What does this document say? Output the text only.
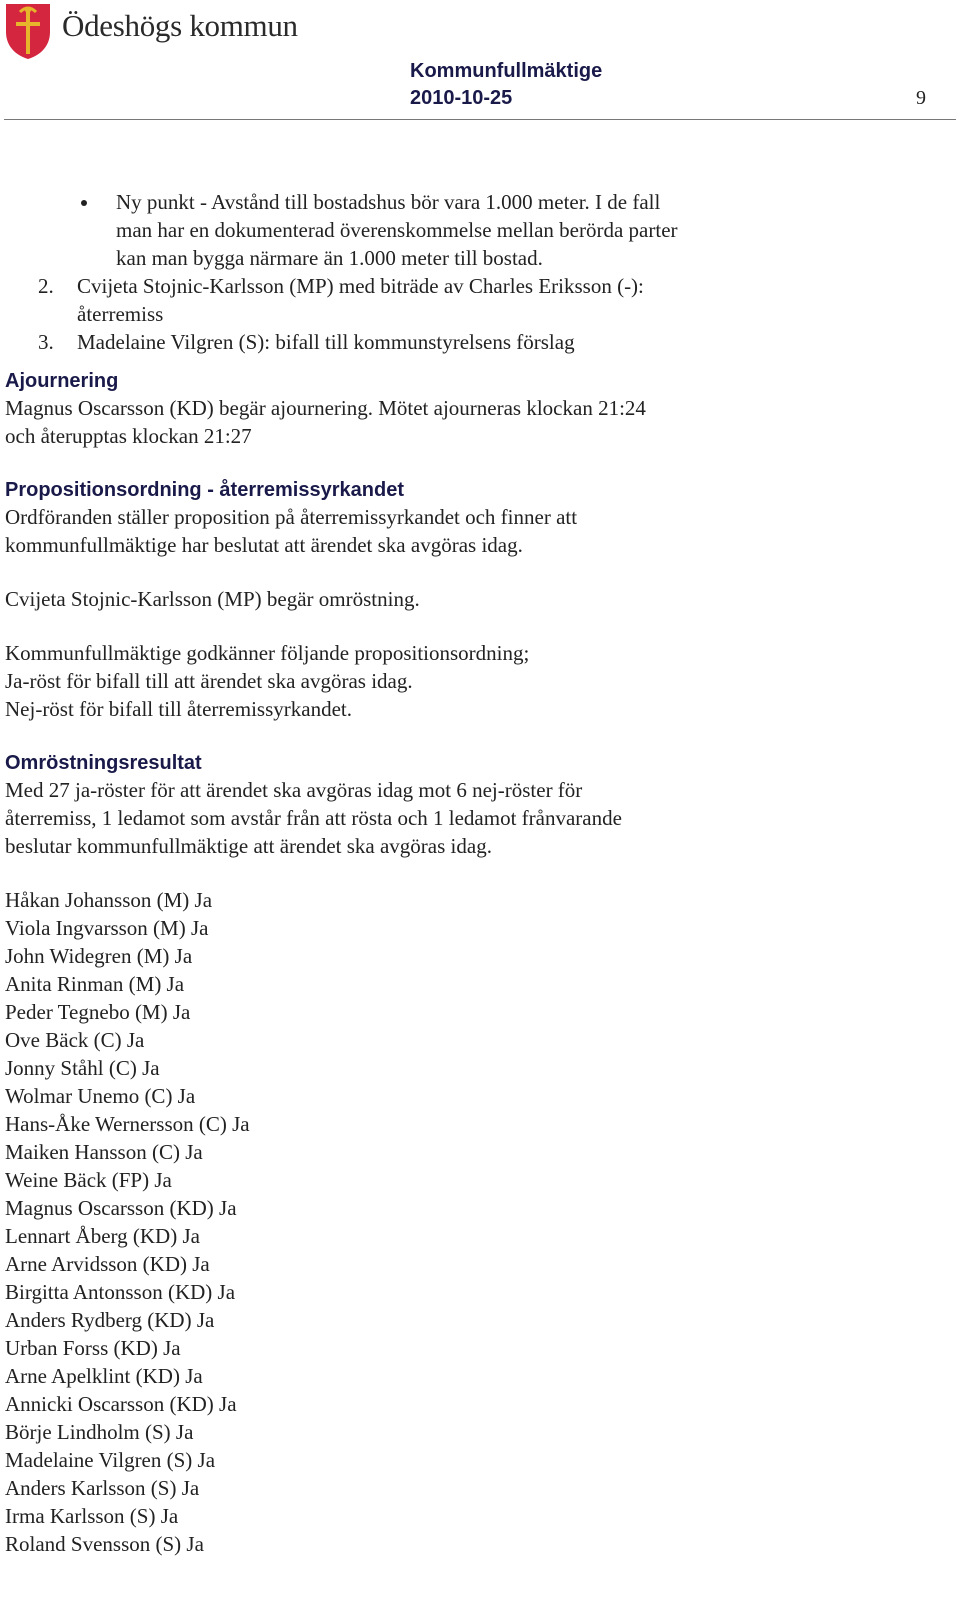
Ödeshögs kommun
Kommunfullmäktige
2010-10-25	9
Ny punkt - Avstånd till bostadshus bör vara 1.000 meter. I de fall
man har en dokumenterad överenskommelse mellan berörda parter
kan man bygga närmare än 1.000 meter till bostad.
2. Cvijeta Stojnic-Karlsson (MP) med biträde av Charles Eriksson (-):
återremiss
3. Madelaine Vilgren (S): bifall till kommunstyrelsens förslag
Ajournering
Magnus Oscarsson (KD) begär ajournering. Mötet ajourneras klockan 21:24
och återupptas klockan 21:27
Propositionsordning - återremissyrkandet
Ordföranden ställer proposition på återremissyrkandet och finner att
kommunfullmäktige har beslutat att ärendet ska avgöras idag.
Cvijeta Stojnic-Karlsson (MP) begär omröstning.
Kommunfullmäktige godkänner följande propositionsordning;
Ja-röst för bifall till att ärendet ska avgöras idag.
Nej-röst för bifall till återremissyrkandet.
Omröstningsresultat
Med 27 ja-röster för att ärendet ska avgöras idag mot 6 nej-röster för
återremiss, 1 ledamot som avstår från att rösta och 1 ledamot frånvarande
beslutar kommunfullmäktige att ärendet ska avgöras idag.
Håkan Johansson (M) Ja
Viola Ingvarsson (M) Ja
John Widegren (M) Ja
Anita Rinman (M) Ja
Peder Tegnebo (M) Ja
Ove Bäck (C) Ja
Jonny Ståhl (C) Ja
Wolmar Unemo (C) Ja
Hans-Åke Wernersson (C) Ja
Maiken Hansson (C) Ja
Weine Bäck (FP) Ja
Magnus Oscarsson (KD) Ja
Lennart Åberg (KD) Ja
Arne Arvidsson (KD) Ja
Birgitta Antonsson (KD) Ja
Anders Rydberg (KD) Ja
Urban Forss (KD) Ja
Arne Apelklint (KD) Ja
Annicki Oscarsson (KD) Ja
Börje Lindholm (S) Ja
Madelaine Vilgren (S) Ja
Anders Karlsson (S) Ja
Irma Karlsson (S) Ja
Roland Svensson (S) Ja
